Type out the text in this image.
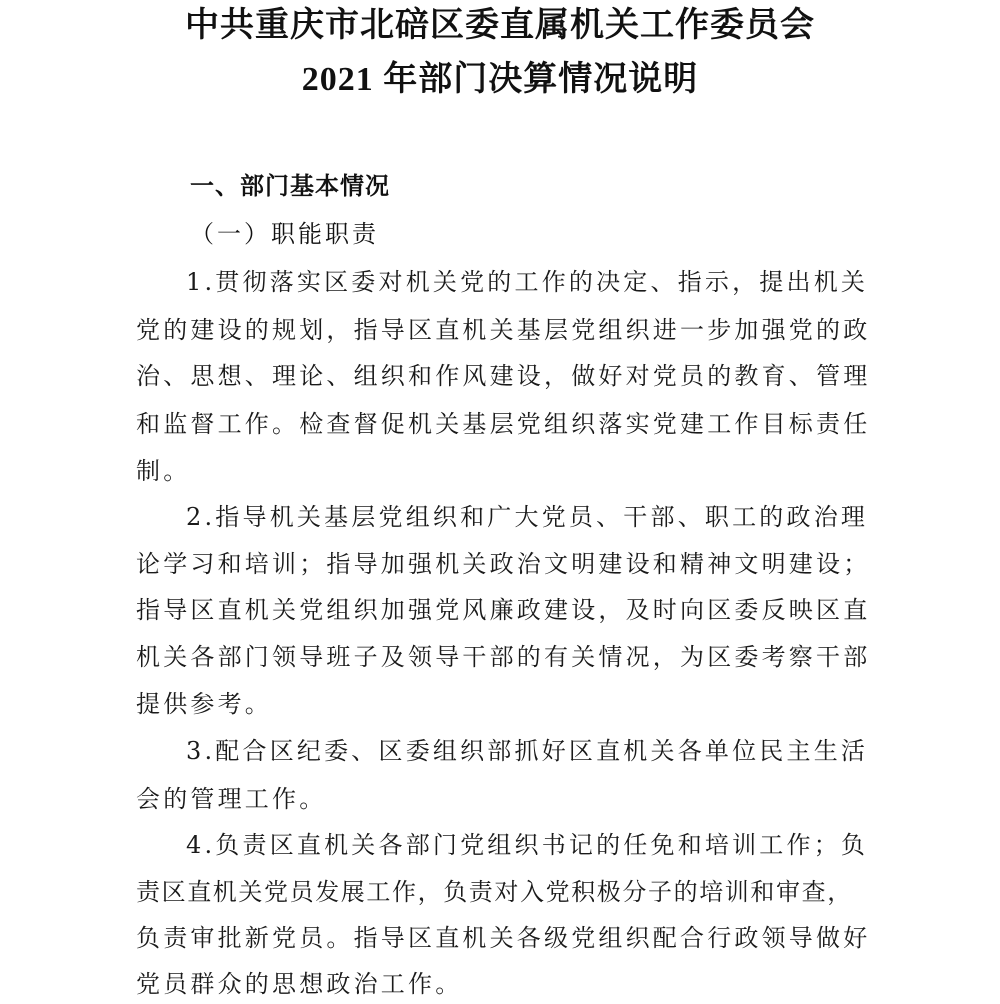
中共重庆市北碚区委直属机关工作委员会
2021 年部门决算情况说明
一、部门基本情况
（一）职能职责
1.贯彻落实区委对机关党的工作的决定、指示，提出机关
党的建设的规划，指导区直机关基层党组织进一步加强党的政
治、思想、理论、组织和作风建设，做好对党员的教育、管理
和监督工作。检查督促机关基层党组织落实党建工作目标责任
制。
2.指导机关基层党组织和广大党员、干部、职工的政治理
论学习和培训；指导加强机关政治文明建设和精神文明建设；
指导区直机关党组织加强党风廉政建设，及时向区委反映区直
机关各部门领导班子及领导干部的有关情况，为区委考察干部
提供参考。
3.配合区纪委、区委组织部抓好区直机关各单位民主生活
会的管理工作。
4.负责区直机关各部门党组织书记的任免和培训工作；负
责区直机关党员发展工作，负责对入党积极分子的培训和审查，
负责审批新党员。指导区直机关各级党组织配合行政领导做好
党员群众的思想政治工作。
